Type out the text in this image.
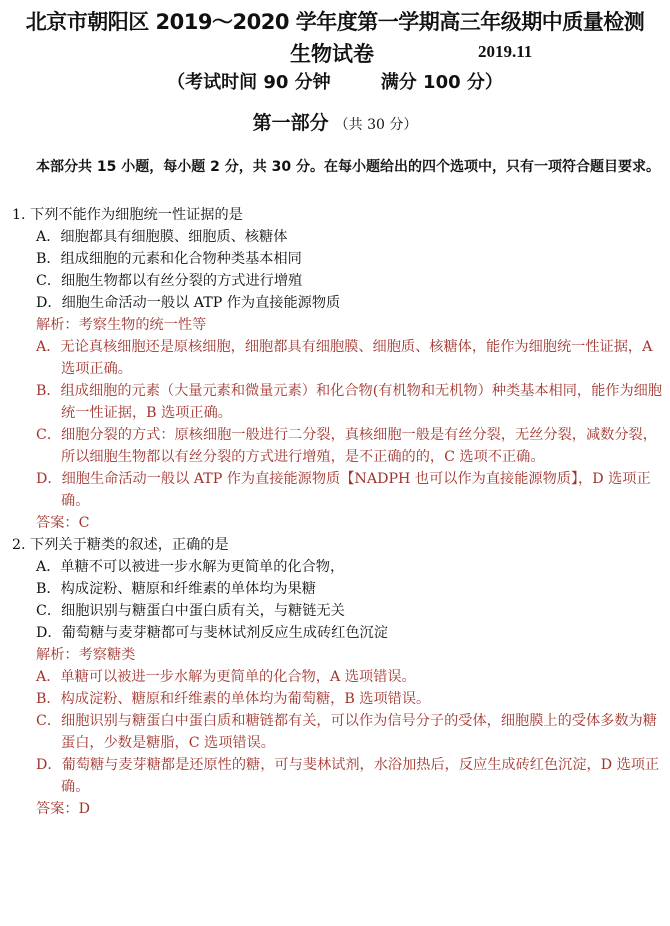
北京市朝阳区 2019～2020 学年度第一学期高三年级期中质量检测
生物试卷	2019.11
（考试时间 90 分钟        满分 100 分）
第一部分 （共 30 分）
本部分共 15 小题，每小题 2 分，共 30 分。在每小题给出的四个选项中，只有一项符合题目要求。
1. 下列不能作为细胞统一性证据的是
A．细胞都具有细胞膜、细胞质、核糖体
B．组成细胞的元素和化合物种类基本相同
C．细胞生物都以有丝分裂的方式进行增殖
D．细胞生命活动一般以 ATP 作为直接能源物质
解析：考察生物的统一性等
A．无论真核细胞还是原核细胞，细胞都具有细胞膜、细胞质、核糖体，能作为细胞统一性证据，A 选项正确。
B．组成细胞的元素（大量元素和微量元素）和化合物(有机物和无机物）种类基本相同，能作为细胞统一性证据，B 选项正确。
C．细胞分裂的方式：原核细胞一般进行二分裂，真核细胞一般是有丝分裂，无丝分裂，减数分裂，所以细胞生物都以有丝分裂的方式进行增殖，是不正确的的，C 选项不正确。
D．细胞生命活动一般以 ATP 作为直接能源物质【NADPH 也可以作为直接能源物质】，D 选项正确。
答案：C
2. 下列关于糖类的叙述，正确的是
A．单糖不可以被进一步水解为更简单的化合物，
B．构成淀粉、糖原和纤维素的单体均为果糖
C．细胞识别与糖蛋白中蛋白质有关，与糖链无关
D．葡萄糖与麦芽糖都可与斐林试剂反应生成砖红色沉淀
解析：考察糖类
A．单糖可以被进一步水解为更简单的化合物，A 选项错误。
B．构成淀粉、糖原和纤维素的单体均为葡萄糖，B 选项错误。
C．细胞识别与糖蛋白中蛋白质和糖链都有关，可以作为信号分子的受体，细胞膜上的受体多数为糖蛋白，少数是糖脂，C 选项错误。
D．葡萄糖与麦芽糖都是还原性的糖，可与斐林试剂，水浴加热后，反应生成砖红色沉淀，D 选项正确。
答案：D
